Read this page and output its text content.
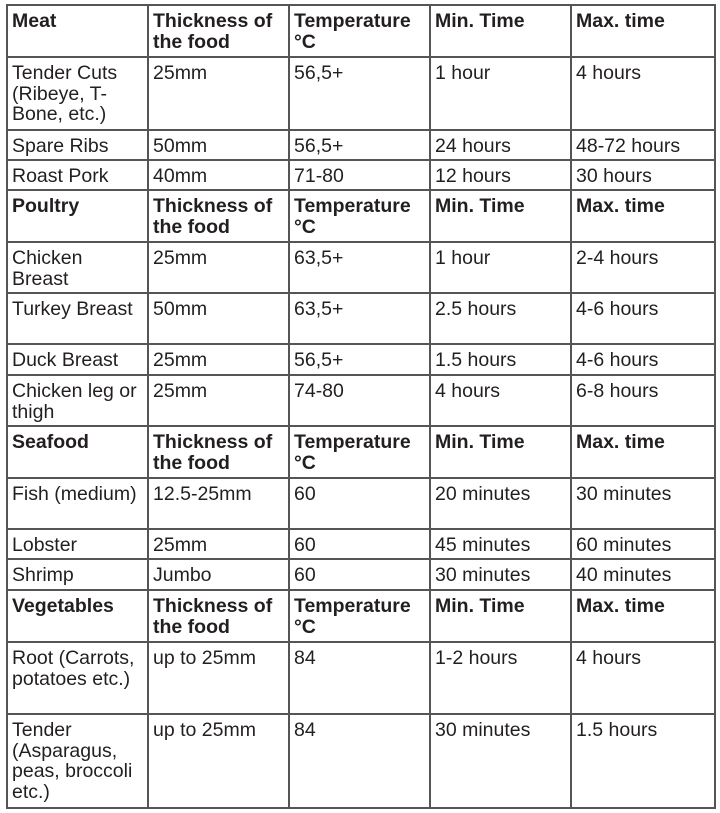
Meat	Thickness of the food	Temperature °C	Min. Time	Max. time
Tender Cuts (Ribeye, T-Bone, etc.)	25mm	56,5+	1 hour	4 hours
Spare Ribs	50mm	56,5+	24 hours	48-72 hours
Roast Pork	40mm	71-80	12 hours	30 hours
Poultry	Thickness of the food	Temperature °C	Min. Time	Max. time
Chicken Breast	25mm	63,5+	1 hour	2-4 hours
Turkey Breast	50mm	63,5+	2.5 hours	4-6 hours
Duck Breast	25mm	56,5+	1.5 hours	4-6 hours
Chicken leg or thigh	25mm	74-80	4 hours	6-8 hours
Seafood	Thickness of the food	Temperature °C	Min. Time	Max. time
Fish (medium)	12.5-25mm	60	20 minutes	30 minutes
Lobster	25mm	60	45 minutes	60 minutes
Shrimp	Jumbo	60	30 minutes	40 minutes
Vegetables	Thickness of the food	Temperature °C	Min. Time	Max. time
Root (Carrots, potatoes etc.)	up to 25mm	84	1-2 hours	4 hours
Tender (Asparagus, peas, broccoli etc.)	up to 25mm	84	30 minutes	1.5 hours
